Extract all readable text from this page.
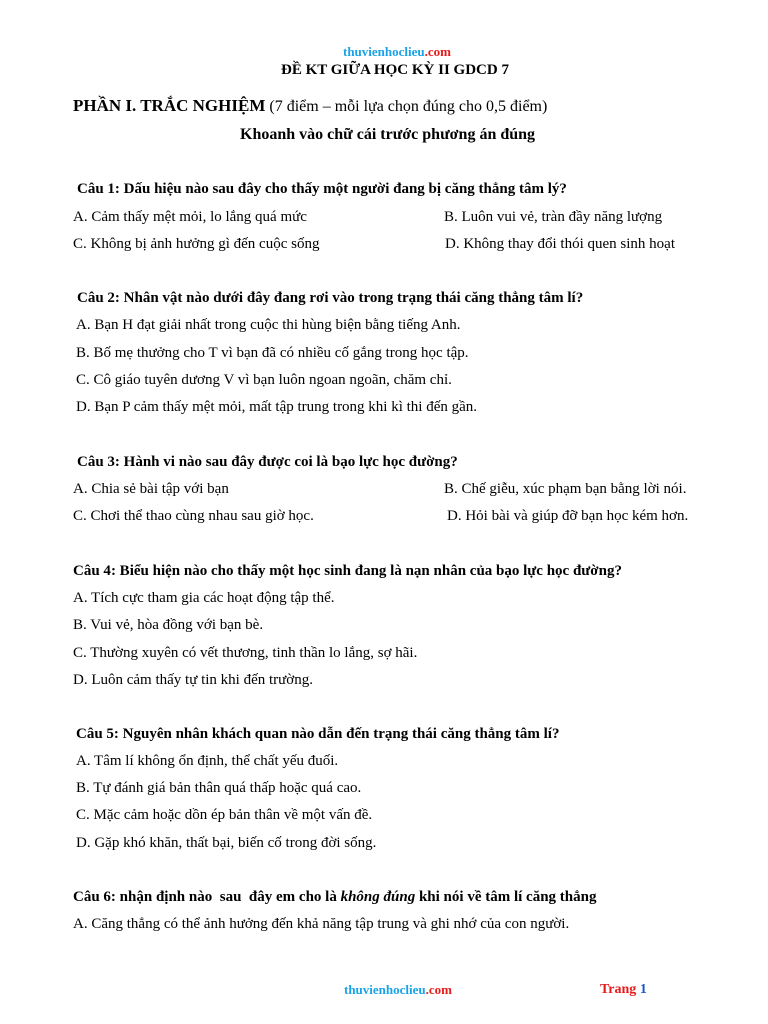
thuvienhoclieu.com
ĐỀ KT GIỮA HỌC KỲ II GDCD 7
PHẦN I. TRẮC NGHIỆM (7 điểm – mỗi lựa chọn đúng cho 0,5 điểm)
Khoanh vào chữ cái trước phương án đúng
Câu 1: Dấu hiệu nào sau đây cho thấy một người đang bị căng thẳng tâm lý?
A. Cảm thấy mệt mỏi, lo lắng quá mức	B. Luôn vui vẻ, tràn đầy năng lượng
C. Không bị ảnh hưởng gì đến cuộc sống	D. Không thay đổi thói quen sinh hoạt
Câu 2: Nhân vật nào dưới đây đang rơi vào trong trạng thái căng thẳng tâm lí?
A. Bạn H đạt giải nhất trong cuộc thi hùng biện bằng tiếng Anh.
B. Bố mẹ thưởng cho T vì bạn đã có nhiều cố gắng trong học tập.
C. Cô giáo tuyên dương V vì bạn luôn ngoan ngoãn, chăm chỉ.
D. Bạn P cảm thấy mệt mỏi, mất tập trung trong khi kì thi đến gần.
Câu 3: Hành vi nào sau đây được coi là bạo lực học đường?
A. Chia sẻ bài tập với bạn	B. Chế giễu, xúc phạm bạn bằng lời nói.
C. Chơi thể thao cùng nhau sau giờ học.	D. Hỏi bài và giúp đỡ bạn học kém hơn.
Câu 4: Biểu hiện nào cho thấy một học sinh đang là nạn nhân của bạo lực học đường?
A. Tích cực tham gia các hoạt động tập thể.
B. Vui vẻ, hòa đồng với bạn bè.
C. Thường xuyên có vết thương, tinh thần lo lắng, sợ hãi.
D. Luôn cảm thấy tự tin khi đến trường.
Câu 5: Nguyên nhân khách quan nào dẫn đến trạng thái căng thẳng tâm lí?
A. Tâm lí không ổn định, thể chất yếu đuối.
B. Tự đánh giá bản thân quá thấp hoặc quá cao.
C. Mặc cảm hoặc dồn ép bản thân về một vấn đề.
D. Gặp khó khăn, thất bại, biến cố trong đời sống.
Câu 6: nhận định nào  sau  đây em cho là không đúng khi nói về tâm lí căng thẳng
A. Căng thẳng có thể ảnh hưởng đến khả năng tập trung và ghi nhớ của con người.
thuvienhoclieu.com	Trang 1
